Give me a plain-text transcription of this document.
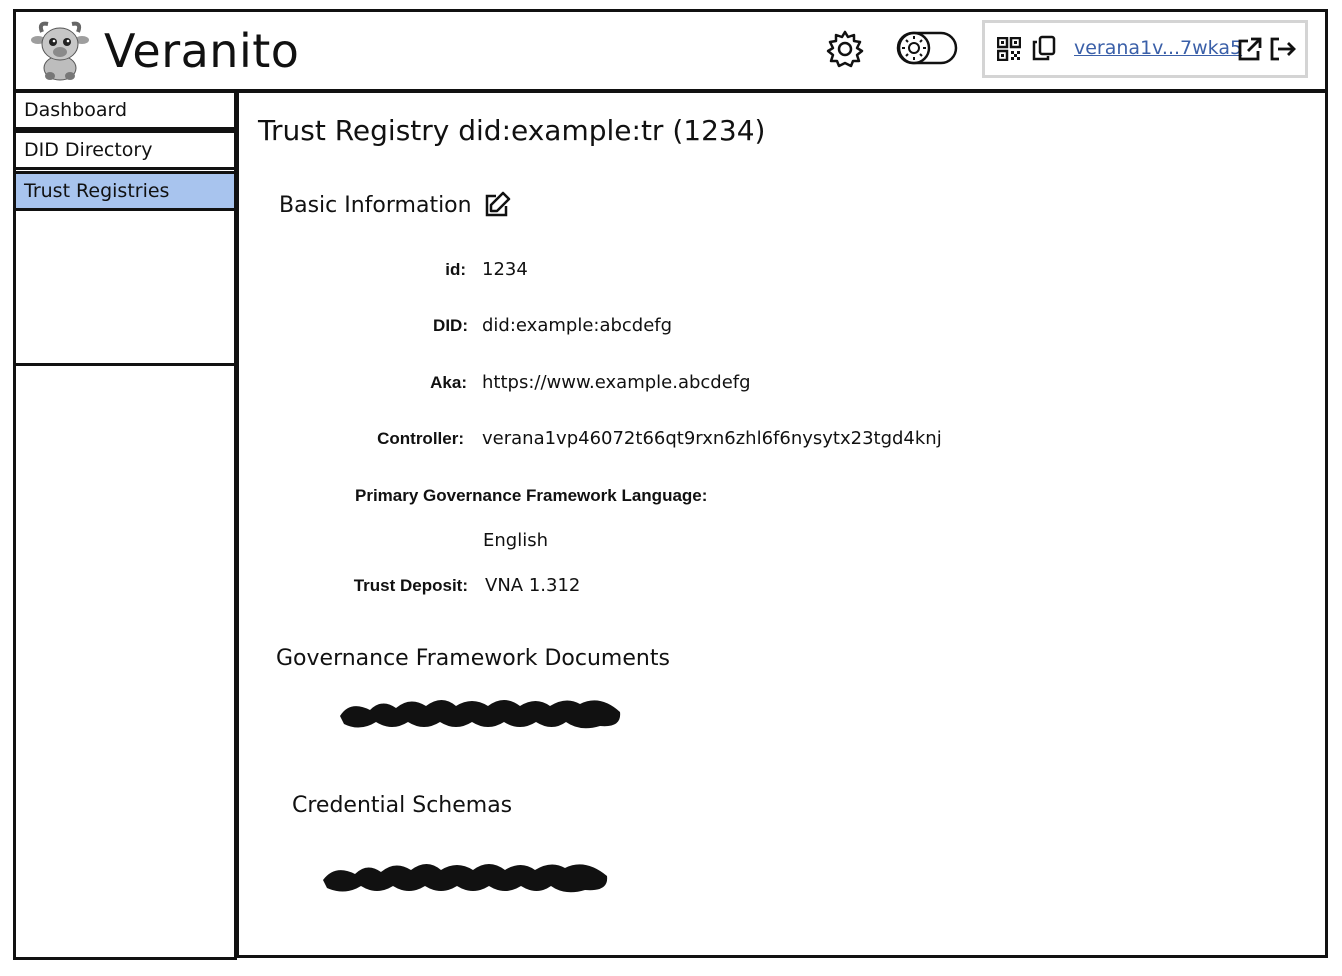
Veranito	verana1v...7wka5
Dashboard
DID Directory
Trust Registries
Trust Registry did:example:tr (1234)
Basic Information
id: 1234
DID: did:example:abcdefg
Aka: https://www.example.abcdefg
Controller: verana1vp46072t66qt9rxn6zhl6f6nysytx23tgd4knj
Primary Governance Framework Language:
English
Trust Deposit: VNA 1.312
Governance Framework Documents
Credential Schemas
